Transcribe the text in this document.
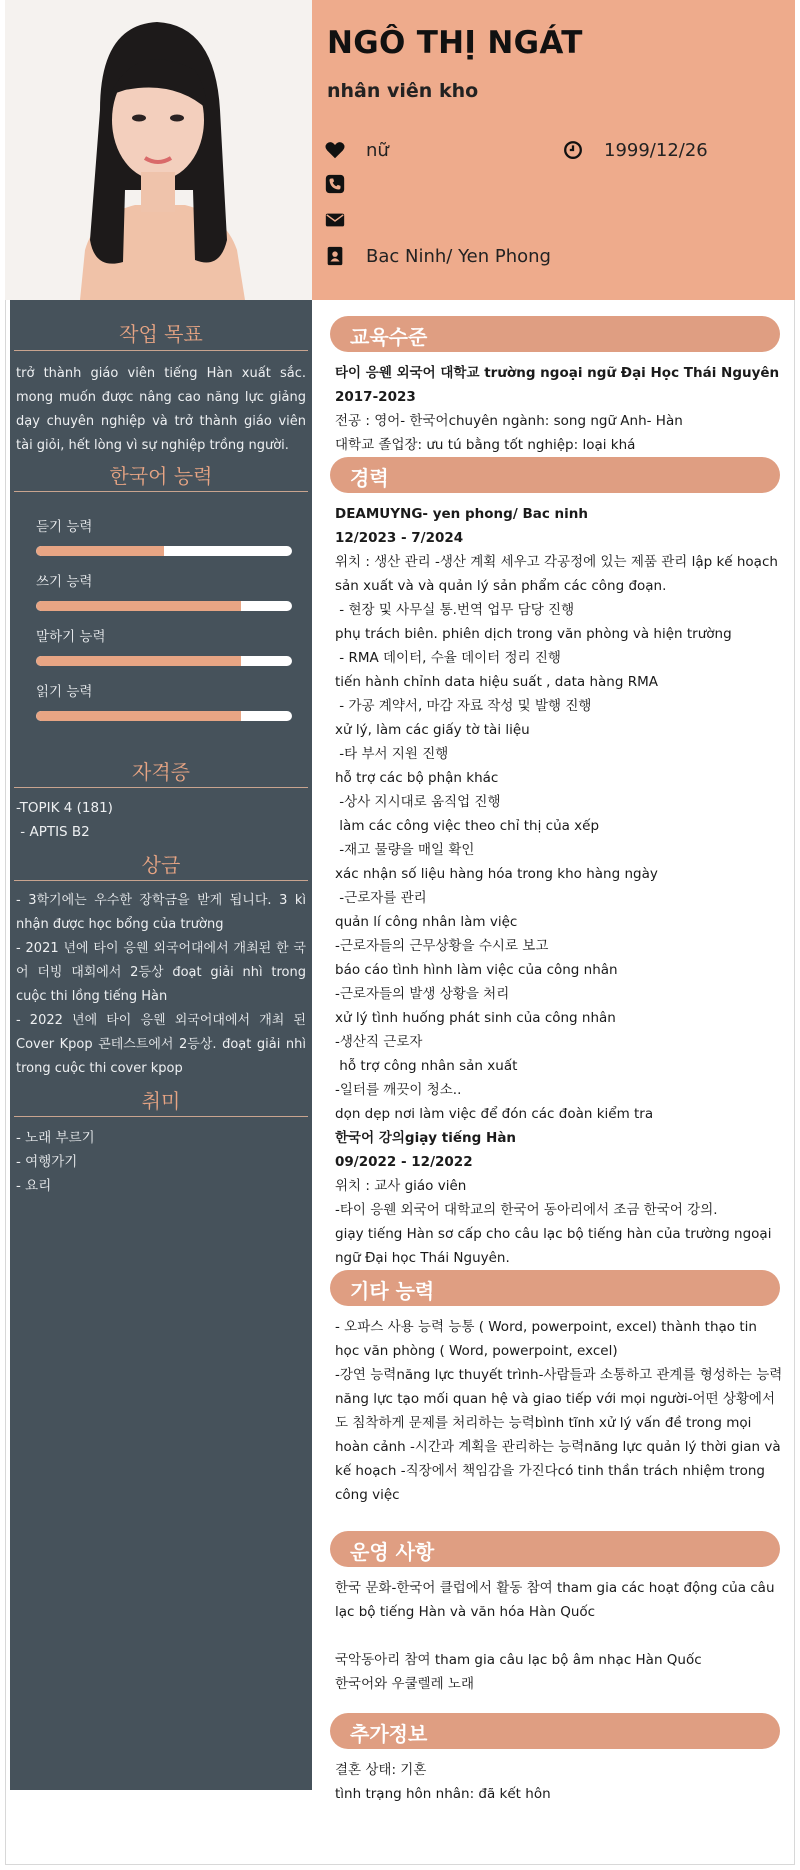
NGÔ THỊ NGÁT
nhân viên kho
nữ	1999/12/26
Bac Ninh/ Yen Phong
작업 목표
trở thành giáo viên tiếng Hàn xuất sắc. mong muốn được nâng cao năng lực giảng dạy chuyên nghiệp và trở thành giáo viên tài giỏi, hết lòng vì sự nghiệp trồng người.
한국어 능력
듣기 능력
쓰기 능력
말하기 능력
읽기 능력
자격증
-TOPIK 4 (181)
- APTIS B2
상금
- 3학기에는 우수한 장학금을 받게 됩니다. 3 kì nhận được học bổng của trường
- 2021 년에 타이 응웬 외국어대에서 개최된 한 국어 더빙 대회에서 2등상 đoạt giải nhì trong cuộc thi lồng tiếng Hàn
- 2022 년에 타이 응웬 외국어대에서 개최 된 Cover Kpop 콘테스트에서 2등상. đoạt giải nhì trong cuộc thi cover kpop
취미
- 노래 부르기
- 여행가기
- 요리
교육수준
타이 응웬 외국어 대학교 trường ngoại ngữ Đại Học Thái Nguyên
2017-2023
전공 : 영어- 한국어chuyên ngành: song ngữ Anh- Hàn
대학교 졸업장: ưu tú bằng tốt nghiệp: loại khá
경력
DEAMUYNG- yen phong/ Bac ninh
12/2023 - 7/2024
위치 : 생산 관리 -생산 계획 세우고 각공정에 있는 제품 관리 lập kế hoạch sản xuất và và quản lý sản phẩm các công đoạn.
- 현장 및 사무실 통.번역 업무 담당 진행
phụ trách biên. phiên dịch trong văn phòng và hiện trường
- RMA 데이터, 수율 데이터 정리 진행
tiến hành chỉnh data hiệu suất , data hàng RMA
- 가공 계약서, 마감 자료 작성 및 발행 진행
xử lý, làm các giấy tờ tài liệu
-타 부서 지원 진행
hỗ trợ các bộ phận khác
-상사 지시대로 움직업 진행
làm các công việc theo chỉ thị của xếp
-재고 물량을 매일 확인
xác nhận số liệu hàng hóa trong kho hàng ngày
-근로자를 관리
quản lí công nhân làm việc
-근로자들의 근무상황을 수시로 보고
báo cáo tình hình làm việc của công nhân
-근로자들의 발생 상황을 처리
xử lý tình huống phát sinh của công nhân
-생산직 근로자
hỗ trợ công nhân sản xuất
-일터를 깨끗이 청소..
dọn dẹp nơi làm việc để đón các đoàn kiểm tra
한국어 강의giạy tiếng Hàn
09/2022 - 12/2022
위치 : 교사 giáo viên
-타이 응웬 외국어 대학교의 한국어 동아리에서 조금 한국어 강의.
giạy tiếng Hàn sơ cấp cho câu lạc bộ tiếng hàn của trường ngoại ngữ Đại học Thái Nguyên.
기타 능력
- 오파스 사용 능력 능통 ( Word, powerpoint, excel) thành thạo tin học văn phòng ( Word, powerpoint, excel)
-강연 능력năng lực thuyết trình-사람들과 소통하고 관계를 형성하는 능력năng lực tạo mối quan hệ và giao tiếp với mọi người-어떤 상황에서도 침착하게 문제를 처리하는 능력bình tĩnh xử lý vấn đề trong mọi hoàn cảnh -시간과 계획을 관리하는 능력năng lực quản lý thời gian và kế hoạch -직장에서 책임감을 가진다có tinh thần trách nhiệm trong công việc
운영 사항
한국 문화-한국어 클럽에서 활동 참여 tham gia các hoạt động của câu lạc bộ tiếng Hàn và văn hóa Hàn Quốc
국악동아리 참여 tham gia câu lạc bộ âm nhạc Hàn Quốc
한국어와 우쿨렐레 노래
추가정보
결혼 상태: 기혼
tình trạng hôn nhân: đã kết hôn
